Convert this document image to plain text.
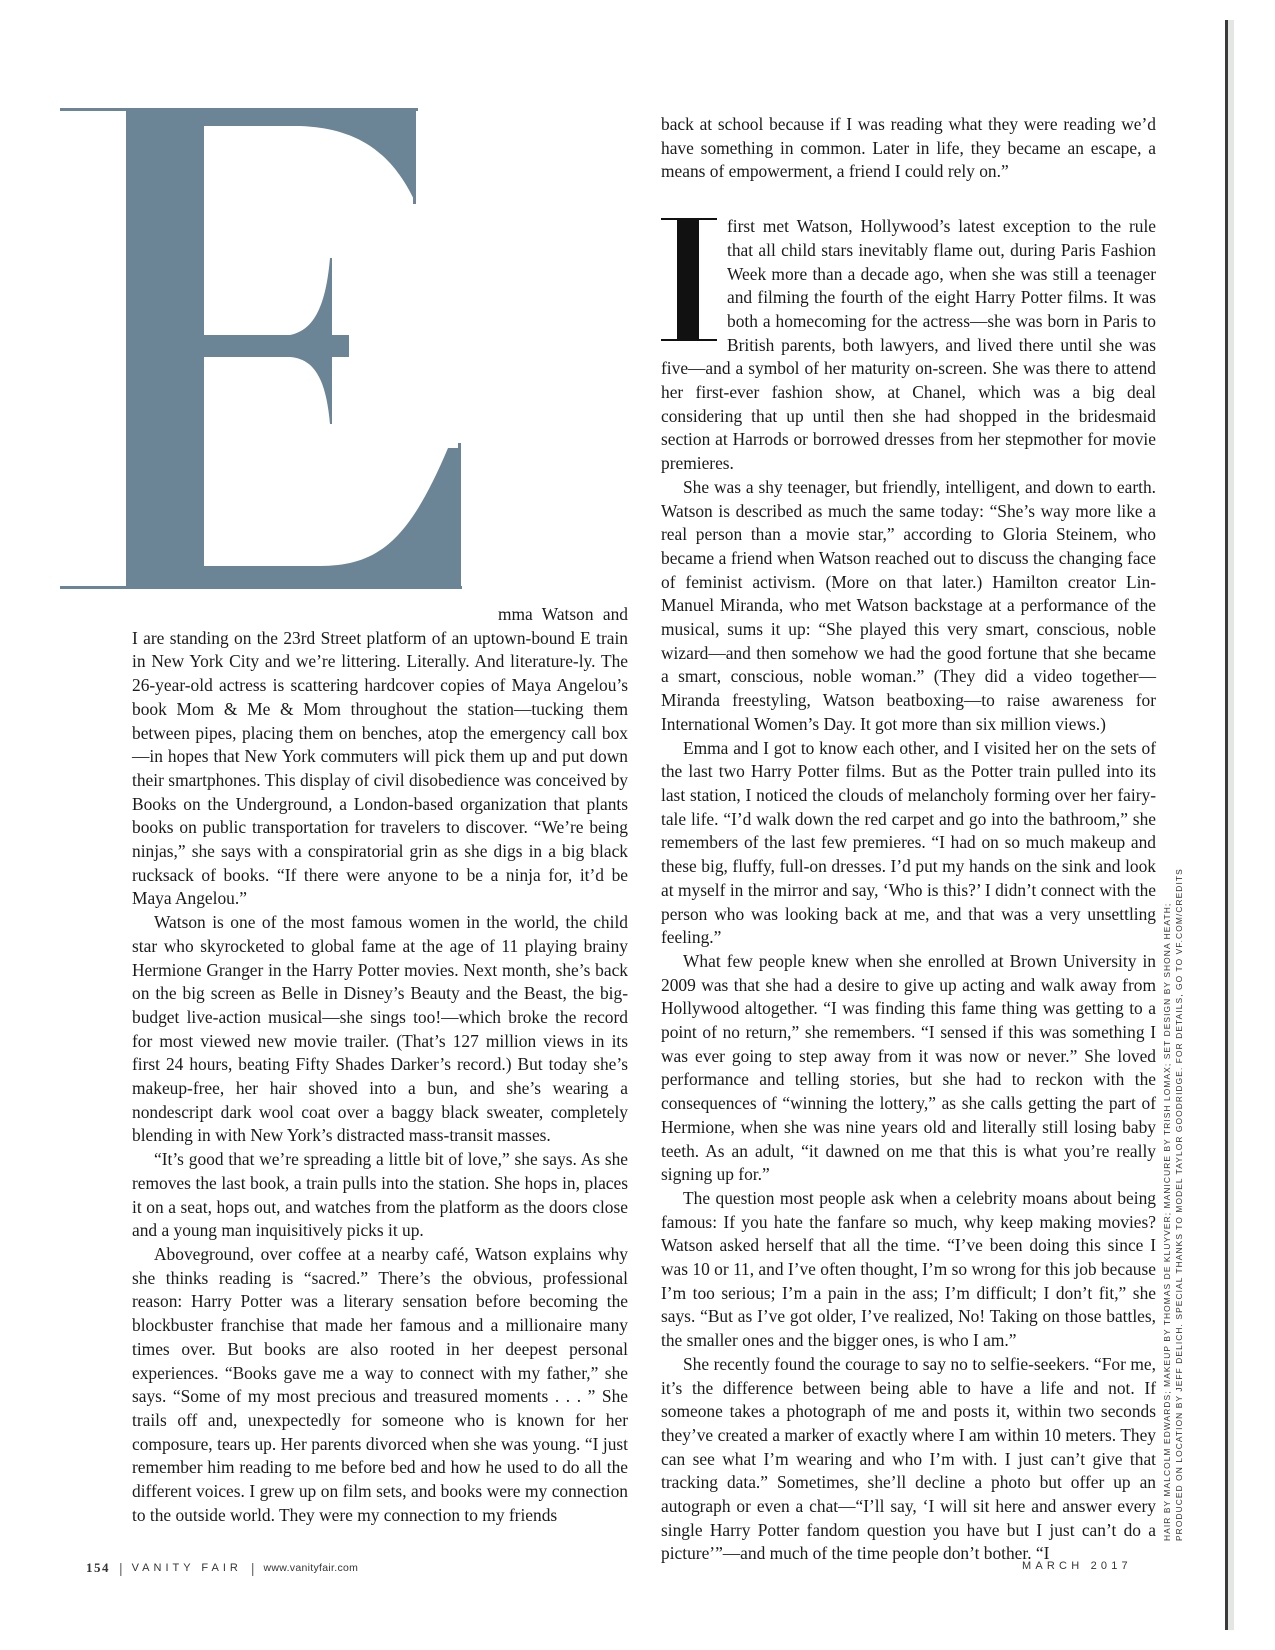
mma Watson and I are standing on the 23rd Street platform of an uptown-bound E train in New York City and we’re littering. Literally. And literature-ly. The 26-year-old actress is scattering hardcover copies of Maya Angelou’s book Mom & Me & Mom throughout the station—tucking them between pipes, placing them on benches, atop the emergency call box—in hopes that New York commuters will pick them up and put down their smartphones. This display of civil disobedience was conceived by Books on the Underground, a London-based organization that plants books on public transportation for travelers to discover. “We’re being ninjas,” she says with a conspiratorial grin as she digs in a big black rucksack of books. “If there were anyone to be a ninja for, it’d be Maya Angelou.”

Watson is one of the most famous women in the world, the child star who skyrocketed to global fame at the age of 11 playing brainy Hermione Granger in the Harry Potter movies. Next month, she’s back on the big screen as Belle in Disney’s Beauty and the Beast, the big-budget live-action musical—she sings too!—which broke the record for most viewed new movie trailer. (That’s 127 million views in its first 24 hours, beating Fifty Shades Darker’s record.) But today she’s makeup-free, her hair shoved into a bun, and she’s wearing a nondescript dark wool coat over a baggy black sweater, completely blending in with New York’s distracted mass-transit masses.

“It’s good that we’re spreading a little bit of love,” she says. As she removes the last book, a train pulls into the station. She hops in, places it on a seat, hops out, and watches from the platform as the doors close and a young man inquisitively picks it up.

Aboveground, over coffee at a nearby café, Watson explains why she thinks reading is “sacred.” There’s the obvious, professional reason: Harry Potter was a literary sensation before becoming the blockbuster franchise that made her famous and a millionaire many times over. But books are also rooted in her deepest personal experiences. “Books gave me a way to connect with my father,” she says. “Some of my most precious and treasured moments . . . ” She trails off and, unexpectedly for someone who is known for her composure, tears up. Her parents divorced when she was young. “I just remember him reading to me before bed and how he used to do all the different voices. I grew up on film sets, and books were my connection to the outside world. They were my connection to my friends

back at school because if I was reading what they were reading we’d have something in common. Later in life, they became an escape, a means of empowerment, a friend I could rely on.”

first met Watson, Hollywood’s latest exception to the rule that all child stars inevitably flame out, during Paris Fashion Week more than a decade ago, when she was still a teenager and filming the fourth of the eight Harry Potter films. It was both a homecoming for the actress—she was born in Paris to British parents, both lawyers, and lived there until she was five—and a symbol of her maturity on-screen. She was there to attend her first-ever fashion show, at Chanel, which was a big deal considering that up until then she had shopped in the bridesmaid section at Harrods or borrowed dresses from her stepmother for movie premieres.

She was a shy teenager, but friendly, intelligent, and down to earth. Watson is described as much the same today: “She’s way more like a real person than a movie star,” according to Gloria Steinem, who became a friend when Watson reached out to discuss the changing face of feminist activism. (More on that later.) Hamilton creator Lin-Manuel Miranda, who met Watson backstage at a performance of the musical, sums it up: “She played this very smart, conscious, noble wizard—and then somehow we had the good fortune that she became a smart, conscious, noble woman.” (They did a video together—Miranda freestyling, Watson beatboxing—to raise awareness for International Women’s Day. It got more than six million views.)

Emma and I got to know each other, and I visited her on the sets of the last two Harry Potter films. But as the Potter train pulled into its last station, I noticed the clouds of melancholy forming over her fairy-tale life. “I’d walk down the red carpet and go into the bathroom,” she remembers of the last few premieres. “I had on so much makeup and these big, fluffy, full-on dresses. I’d put my hands on the sink and look at myself in the mirror and say, ‘Who is this?’ I didn’t connect with the person who was looking back at me, and that was a very unsettling feeling.”

What few people knew when she enrolled at Brown University in 2009 was that she had a desire to give up acting and walk away from Hollywood altogether. “I was finding this fame thing was getting to a point of no return,” she remembers. “I sensed if this was something I was ever going to step away from it was now or never.” She loved performance and telling stories, but she had to reckon with the consequences of “winning the lottery,” as she calls getting the part of Hermione, when she was nine years old and literally still losing baby teeth. As an adult, “it dawned on me that this is what you’re really signing up for.”

The question most people ask when a celebrity moans about being famous: If you hate the fanfare so much, why keep making movies? Watson asked herself that all the time. “I’ve been doing this since I was 10 or 11, and I’ve often thought, I’m so wrong for this job because I’m too serious; I’m a pain in the ass; I’m difficult; I don’t fit,” she says. “But as I’ve got older, I’ve realized, No! Taking on those battles, the smaller ones and the bigger ones, is who I am.”

She recently found the courage to say no to selfie-seekers. “For me, it’s the difference between being able to have a life and not. If someone takes a photograph of me and posts it, within two seconds they’ve created a marker of exactly where I am within 10 meters. They can see what I’m wearing and who I’m with. I just can’t give that tracking data.” Sometimes, she’ll decline a photo but offer up an autograph or even a chat—“I’ll say, ‘I will sit here and answer every single Harry Potter fandom question you have but I just can’t do a picture’”—and much of the time people don’t bother. “I

HAIR BY MALCOLM EDWARDS; MAKEUP BY THOMAS DE KLUYVER; MANICURE BY TRISH LOMAX; SET DESIGN BY SHONA HEATH; PRODUCED ON LOCATION BY JEFF DELICH. SPECIAL THANKS TO MODEL TAYLOR GOODRIDGE. FOR DETAILS, GO TO VF.COM/CREDITS
154 | VANITY FAIR | www.vanityfair.com	MARCH 2017
